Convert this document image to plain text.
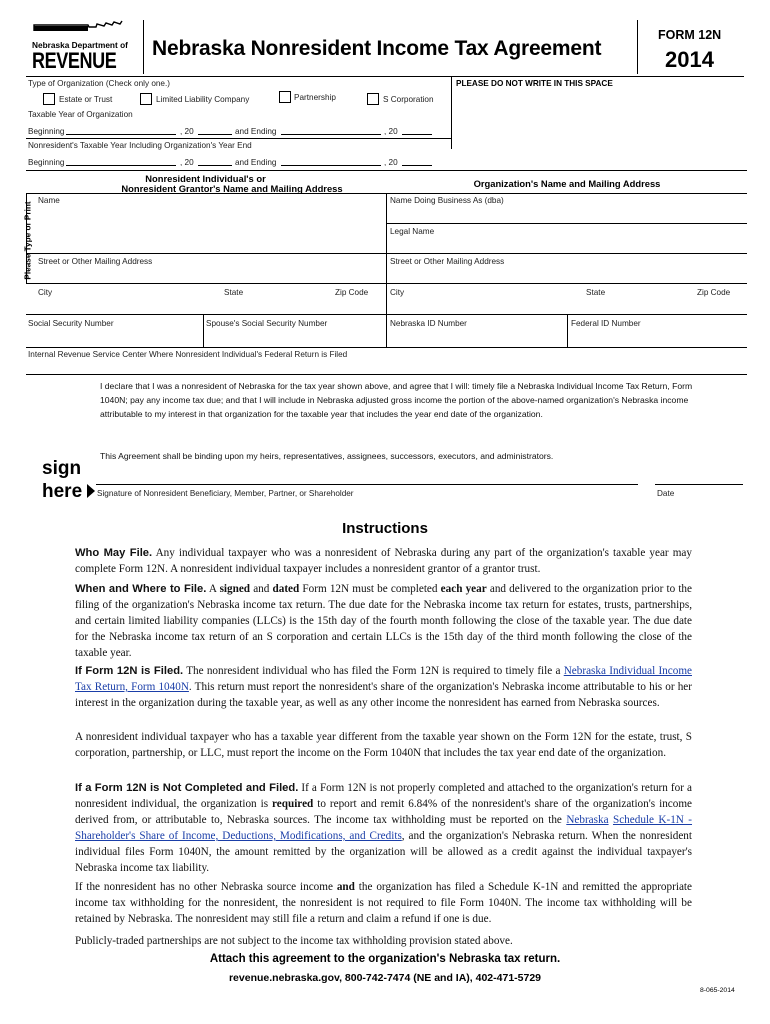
Nebraska Department of
REVENUE Nebraska Nonresident Income Tax Agreement
FORM 12N
2014
Type of Organization (Check only one.)	PLEASE DO NOT WRITE IN THIS SPACE
Estate or Trust	Limited Liability Company	Partnership	S Corporation
Taxable Year of Organization
Beginning	, 20	and Ending	, 20
Nonresident's Taxable Year Including Organization's Year End
Beginning	, 20	and Ending	, 20
Please Type or Print
Nonresident Individual's or
Nonresident Grantor's Name and Mailing Address	Organization's Name and Mailing Address
Name	Name Doing Business As (dba)
Legal Name
Street or Other Mailing Address	Street or Other Mailing Address
City	State	Zip Code	City	State	Zip Code
Social Security Number	Spouse's Social Security Number	Nebraska ID Number	Federal ID Number
Internal Revenue Service Center Where Nonresident Individual's Federal Return is Filed
I declare that I was a nonresident of Nebraska for the tax year shown above, and agree that I will: timely file a Nebraska Individual Income Tax Return, Form 1040N; pay any income tax due; and that I will include in Nebraska adjusted gross income the portion of the above-named organization's Nebraska income attributable to my interest in that organization for the taxable year that includes the year end date of the organization.
This Agreement shall be binding upon my heirs, representatives, assignees, successors, executors, and administrators.
sign
here Signature of Nonresident Beneficiary, Member, Partner, or Shareholder	Date
Instructions
Who May File. Any individual taxpayer who was a nonresident of Nebraska during any part of the organization's taxable year may complete Form 12N. A nonresident individual taxpayer includes a nonresident grantor of a grantor trust.
When and Where to File. A signed and dated Form 12N must be completed each year and delivered to the organization prior to the filing of the organization's Nebraska income tax return. The due date for the Nebraska income tax return for estates, trusts, partnerships, and certain limited liability companies (LLCs) is the 15th day of the fourth month following the close of the taxable year. The due date for the Nebraska income tax return of an S corporation and certain LLCs is the 15th day of the third month following the close of the taxable year.
If Form 12N is Filed. The nonresident individual who has filed the Form 12N is required to timely file a Nebraska Individual Income Tax Return, Form 1040N. This return must report the nonresident's share of the organization's Nebraska income attributable to his or her interest in the organization during the taxable year, as well as any other income the nonresident has earned from Nebraska sources.
A nonresident individual taxpayer who has a taxable year different from the taxable year shown on the Form 12N for the estate, trust, S corporation, partnership, or LLC, must report the income on the Form 1040N that includes the tax year end date of the organization.
If a Form 12N is Not Completed and Filed. If a Form 12N is not properly completed and attached to the organization's return for a nonresident individual, the organization is required to report and remit 6.84% of the nonresident's share of the organization's income derived from, or attributable to, Nebraska sources. The income tax withholding must be reported on the Nebraska Schedule K-1N - Shareholder's Share of Income, Deductions, Modifications, and Credits, and the organization's Nebraska return. When the nonresident individual files Form 1040N, the amount remitted by the organization will be allowed as a credit against the individual taxpayer's Nebraska income tax liability.
If the nonresident has no other Nebraska source income and the organization has filed a Schedule K-1N and remitted the appropriate income tax withholding for the nonresident, the nonresident is not required to file Form 1040N. The income tax withholding will be retained by Nebraska. The nonresident may still file a return and claim a refund if one is due.
Publicly-traded partnerships are not subject to the income tax withholding provision stated above.
Attach this agreement to the organization's Nebraska tax return.
revenue.nebraska.gov, 800-742-7474 (NE and IA), 402-471-5729
8-065-2014
